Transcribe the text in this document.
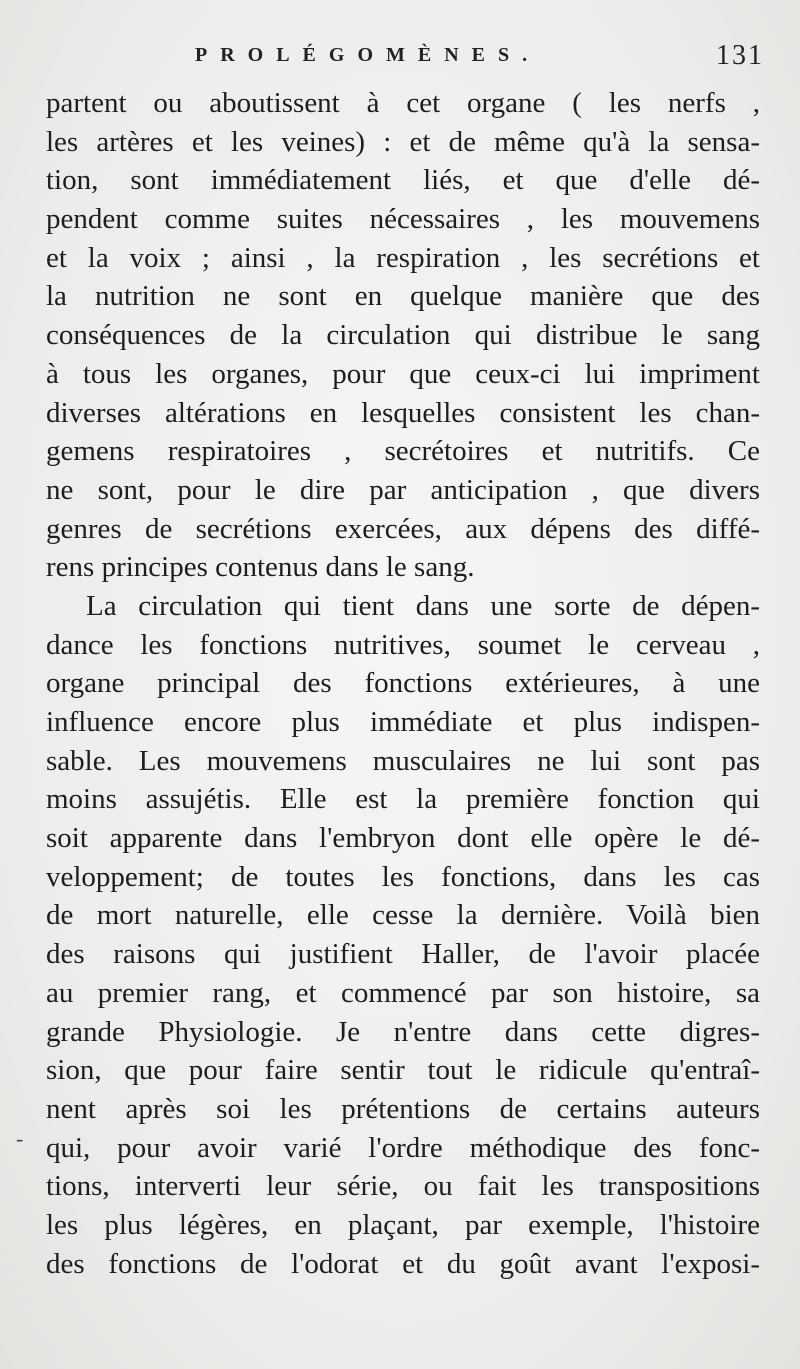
PROLÉGOMÈNES.	131
-
partent ou aboutissent à cet organe ( les nerfs ,
les artères et les veines) : et de même qu'à la sensa-
tion, sont immédiatement liés, et que d'elle dé-
pendent comme suites nécessaires , les mouvemens
et la voix ; ainsi , la respiration , les secrétions et
la nutrition ne sont en quelque manière que des
conséquences de la circulation qui distribue le sang
à tous les organes, pour que ceux-ci lui impriment
diverses altérations en lesquelles consistent les chan-
gemens respiratoires , secrétoires et nutritifs. Ce
ne sont, pour le dire par anticipation , que divers
genres de secrétions exercées, aux dépens des diffé-
rens principes contenus dans le sang.
La circulation qui tient dans une sorte de dépen-
dance les fonctions nutritives, soumet le cerveau ,
organe principal des fonctions extérieures, à une
influence encore plus immédiate et plus indispen-
sable. Les mouvemens musculaires ne lui sont pas
moins assujétis. Elle est la première fonction qui
soit apparente dans l'embryon dont elle opère le dé-
veloppement; de toutes les fonctions, dans les cas
de mort naturelle, elle cesse la dernière. Voilà bien
des raisons qui justifient Haller, de l'avoir placée
au premier rang, et commencé par son histoire, sa
grande Physiologie. Je n'entre dans cette digres-
sion, que pour faire sentir tout le ridicule qu'entraî-
nent après soi les prétentions de certains auteurs
qui, pour avoir varié l'ordre méthodique des fonc-
tions, interverti leur série, ou fait les transpositions
les plus légères, en plaçant, par exemple, l'histoire
des fonctions de l'odorat et du goût avant l'exposi-
